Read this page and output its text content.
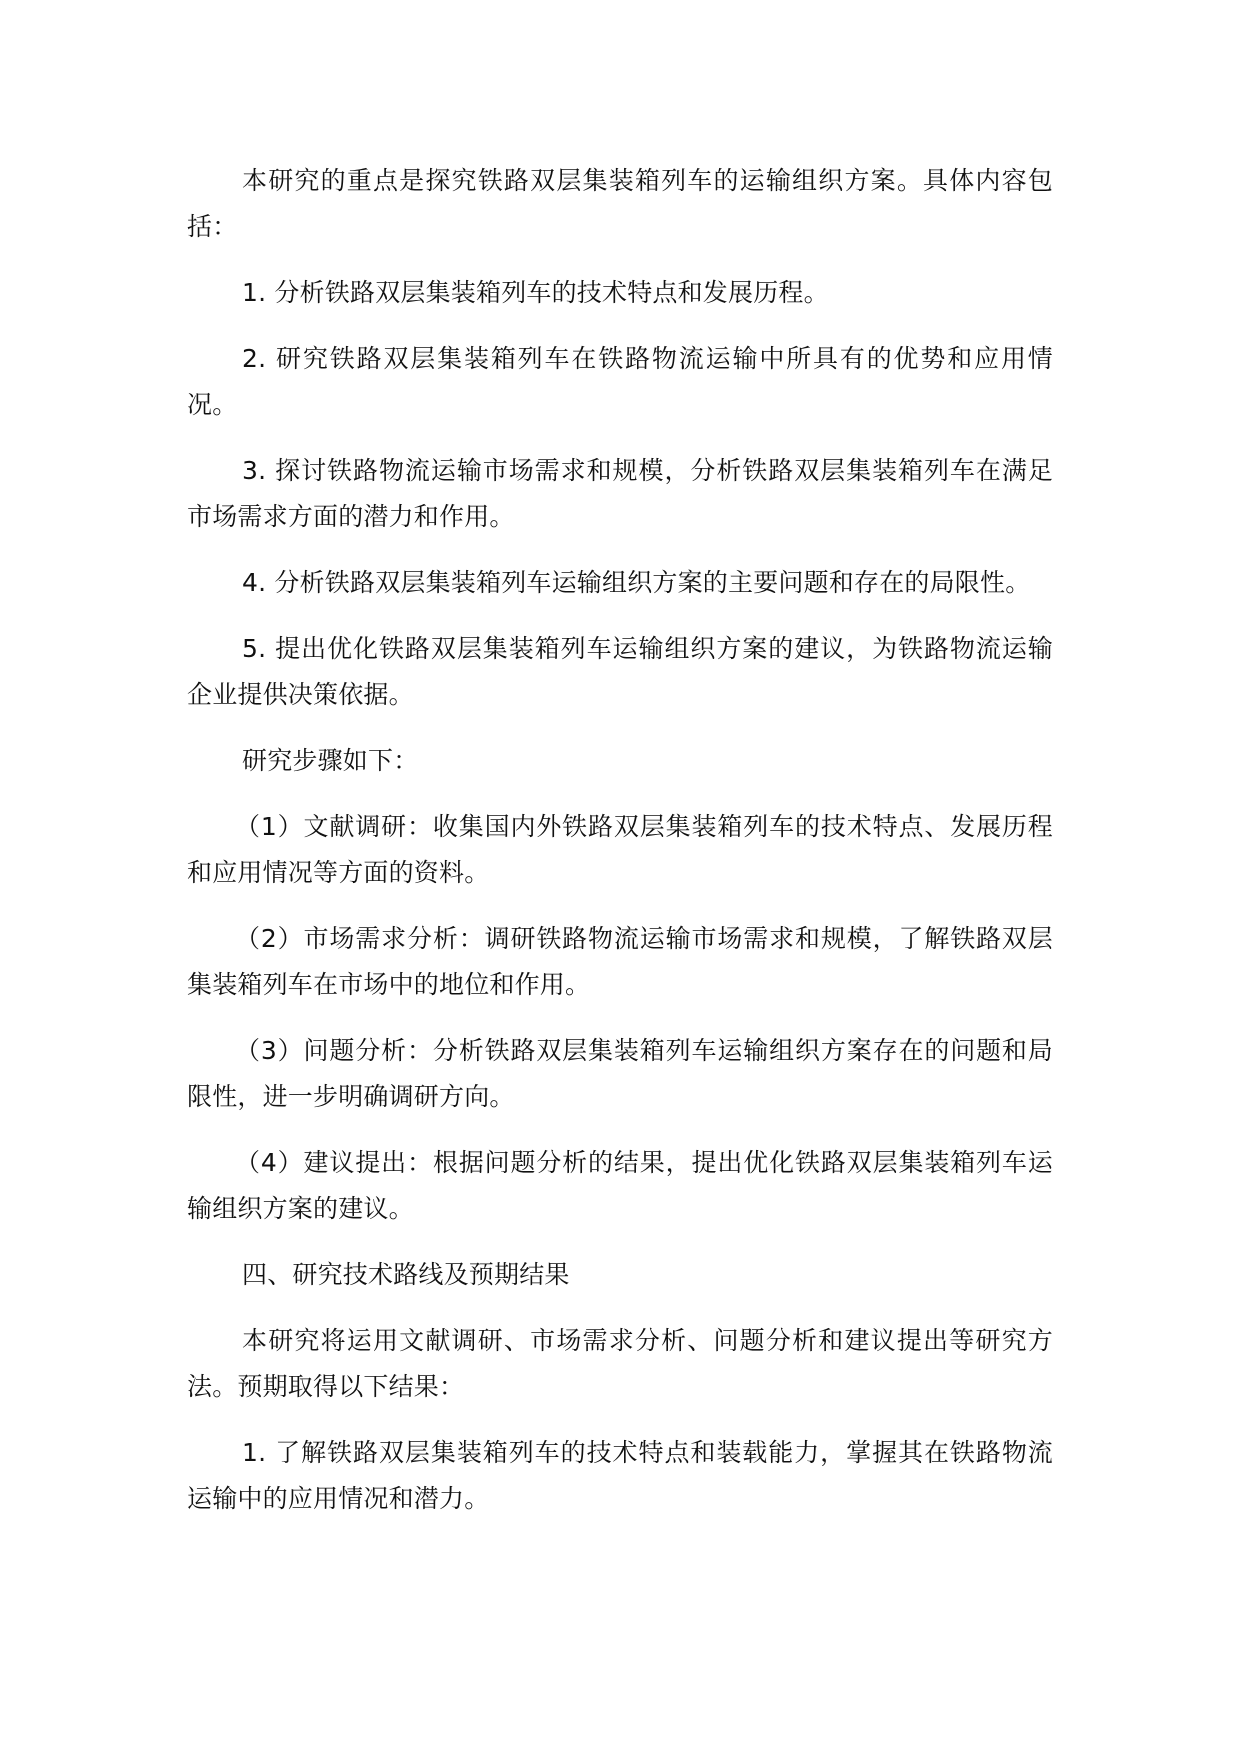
本研究的重点是探究铁路双层集装箱列车的运输组织方案。具体内容包括：

1. 分析铁路双层集装箱列车的技术特点和发展历程。

2. 研究铁路双层集装箱列车在铁路物流运输中所具有的优势和应用情况。

3. 探讨铁路物流运输市场需求和规模，分析铁路双层集装箱列车在满足市场需求方面的潜力和作用。

4. 分析铁路双层集装箱列车运输组织方案的主要问题和存在的局限性。

5. 提出优化铁路双层集装箱列车运输组织方案的建议，为铁路物流运输企业提供决策依据。

研究步骤如下：

（1）文献调研：收集国内外铁路双层集装箱列车的技术特点、发展历程和应用情况等方面的资料。

（2）市场需求分析：调研铁路物流运输市场需求和规模，了解铁路双层集装箱列车在市场中的地位和作用。

（3）问题分析：分析铁路双层集装箱列车运输组织方案存在的问题和局限性，进一步明确调研方向。

（4）建议提出：根据问题分析的结果，提出优化铁路双层集装箱列车运输组织方案的建议。

四、研究技术路线及预期结果

本研究将运用文献调研、市场需求分析、问题分析和建议提出等研究方法。预期取得以下结果：

1. 了解铁路双层集装箱列车的技术特点和装载能力，掌握其在铁路物流运输中的应用情况和潜力。
